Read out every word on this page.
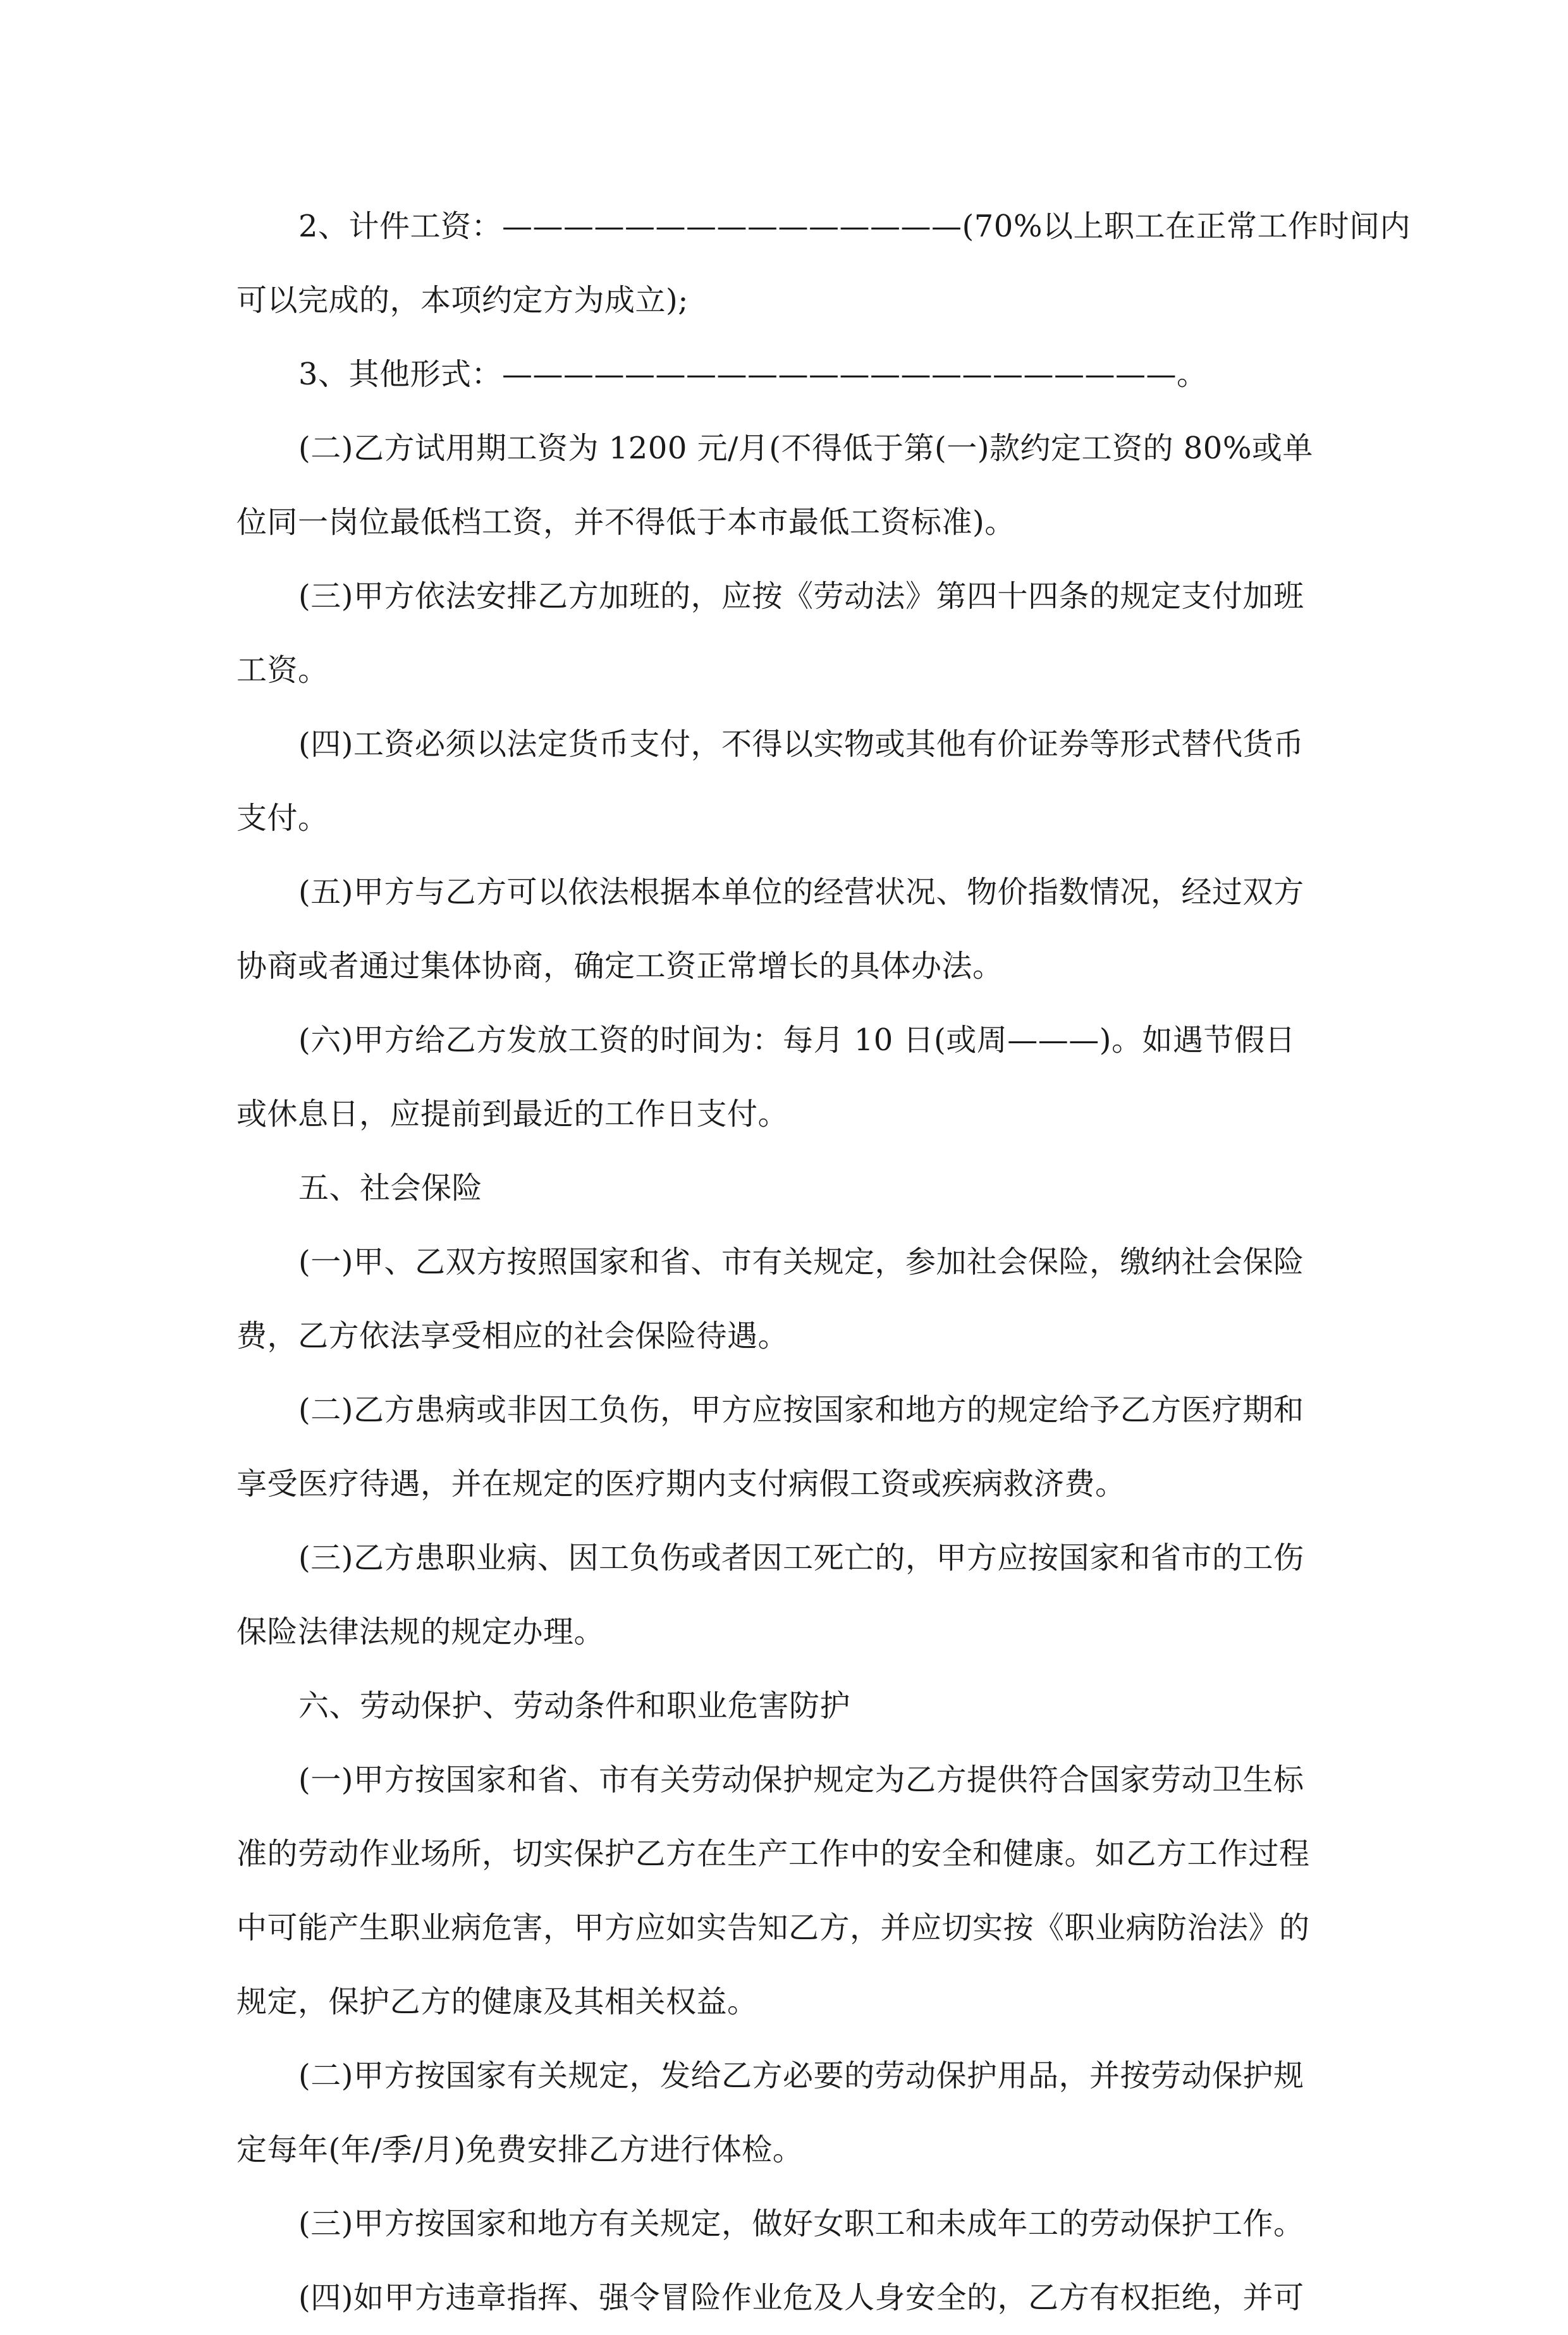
2、计件工资：———————————————(70%以上职工在正常工作时间内
可以完成的，本项约定方为成立);
3、其他形式：——————————————————————。
(二)乙方试用期工资为 1200 元/月(不得低于第(一)款约定工资的 80%或单
位同一岗位最低档工资，并不得低于本市最低工资标准)。
(三)甲方依法安排乙方加班的，应按《劳动法》第四十四条的规定支付加班
工资。
(四)工资必须以法定货币支付，不得以实物或其他有价证券等形式替代货币
支付。
(五)甲方与乙方可以依法根据本单位的经营状况、物价指数情况，经过双方
协商或者通过集体协商，确定工资正常增长的具体办法。
(六)甲方给乙方发放工资的时间为：每月 10 日(或周———)。如遇节假日
或休息日，应提前到最近的工作日支付。
五、社会保险
(一)甲、乙双方按照国家和省、市有关规定，参加社会保险，缴纳社会保险
费，乙方依法享受相应的社会保险待遇。
(二)乙方患病或非因工负伤，甲方应按国家和地方的规定给予乙方医疗期和
享受医疗待遇，并在规定的医疗期内支付病假工资或疾病救济费。
(三)乙方患职业病、因工负伤或者因工死亡的，甲方应按国家和省市的工伤
保险法律法规的规定办理。
六、劳动保护、劳动条件和职业危害防护
(一)甲方按国家和省、市有关劳动保护规定为乙方提供符合国家劳动卫生标
准的劳动作业场所，切实保护乙方在生产工作中的安全和健康。如乙方工作过程
中可能产生职业病危害，甲方应如实告知乙方，并应切实按《职业病防治法》的
规定，保护乙方的健康及其相关权益。
(二)甲方按国家有关规定，发给乙方必要的劳动保护用品，并按劳动保护规
定每年(年/季/月)免费安排乙方进行体检。
(三)甲方按国家和地方有关规定，做好女职工和未成年工的劳动保护工作。
(四)如甲方违章指挥、强令冒险作业危及人身安全的，乙方有权拒绝，并可
